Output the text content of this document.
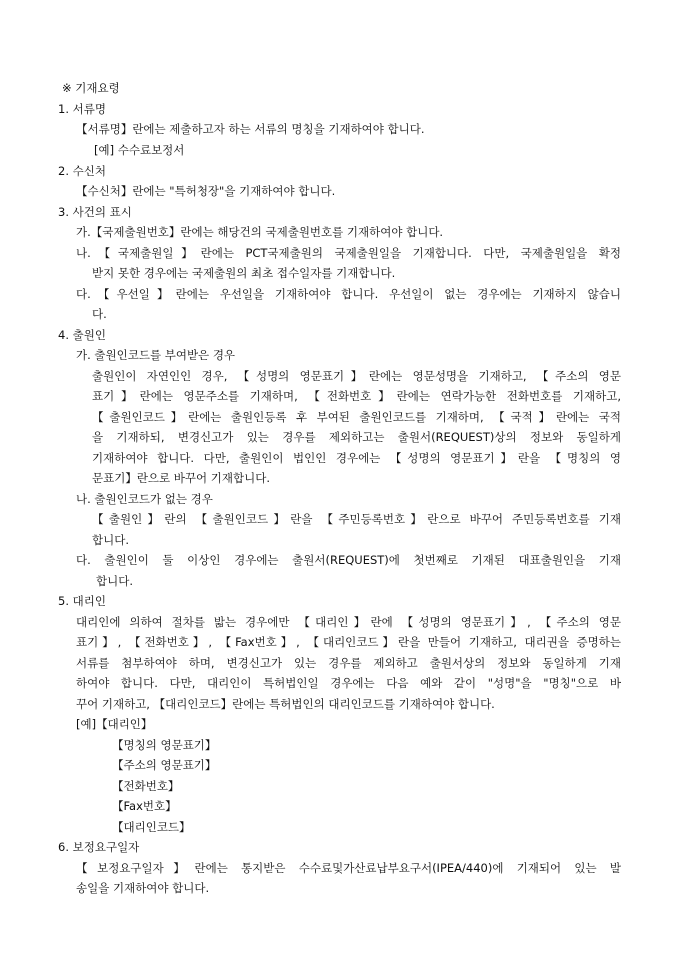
※ 기재요령
1. 서류명
【서류명】란에는 제출하고자 하는 서류의 명칭을 기재하여야 합니다.
[예] 수수료보정서
2. 수신처
【수신처】란에는 "특허청장"을 기재하여야 합니다.
3. 사건의 표시
가.【국제출원번호】란에는 해당건의 국제출원번호를 기재하여야 합니다.
나.【국제출원일】란에는 PCT국제출원의 국제출원일을 기재합니다. 다만, 국제출원일을 확정
받지 못한 경우에는 국제출원의 최초 접수일자를 기재합니다.
다.【우선일】란에는 우선일을 기재하여야 합니다. 우선일이 없는 경우에는 기재하지 않습니
다.
4. 출원인
가. 출원인코드를 부여받은 경우
출원인이 자연인인 경우, 【성명의 영문표기】란에는 영문성명을 기재하고, 【주소의 영문
표기】란에는 영문주소를 기재하며, 【전화번호】란에는 연락가능한 전화번호를 기재하고,
【출원인코드】란에는 출원인등록 후 부여된 출원인코드를 기재하며, 【국적】란에는 국적
을 기재하되, 변경신고가 있는 경우를 제외하고는 출원서(REQUEST)상의 정보와 동일하게
기재하여야 합니다. 다만, 출원인이 법인인 경우에는 【성명의 영문표기】란을 【명칭의 영
문표기】란으로 바꾸어 기재합니다.
나. 출원인코드가 없는 경우
【출원인】란의 【출원인코드】란을 【주민등록번호】란으로 바꾸어 주민등록번호를 기재
합니다.
다. 출원인이 둘 이상인 경우에는 출원서(REQUEST)에 첫번째로 기재된 대표출원인을 기재
합니다.
5. 대리인
대리인에 의하여 절차를 밟는 경우에만 【대리인】란에 【성명의 영문표기】, 【주소의 영문
표기】, 【전화번호】, 【Fax번호】, 【대리인코드】란을 만들어 기재하고, 대리권을 증명하는
서류를 첨부하여야 하며, 변경신고가 있는 경우를 제외하고 출원서상의 정보와 동일하게 기재
하여야 합니다. 다만, 대리인이 특허법인일 경우에는 다음 예와 같이 "성명"을 "명칭"으로 바
꾸어 기재하고, 【대리인코드】란에는 특허법인의 대리인코드를 기재하여야 합니다.
[예]【대리인】
【명칭의 영문표기】
【주소의 영문표기】
【전화번호】
【Fax번호】
【대리인코드】
6. 보정요구일자
【보정요구일자】란에는 통지받은 수수료및가산료납부요구서(IPEA/440)에 기재되어 있는 발
송일을 기재하여야 합니다.
